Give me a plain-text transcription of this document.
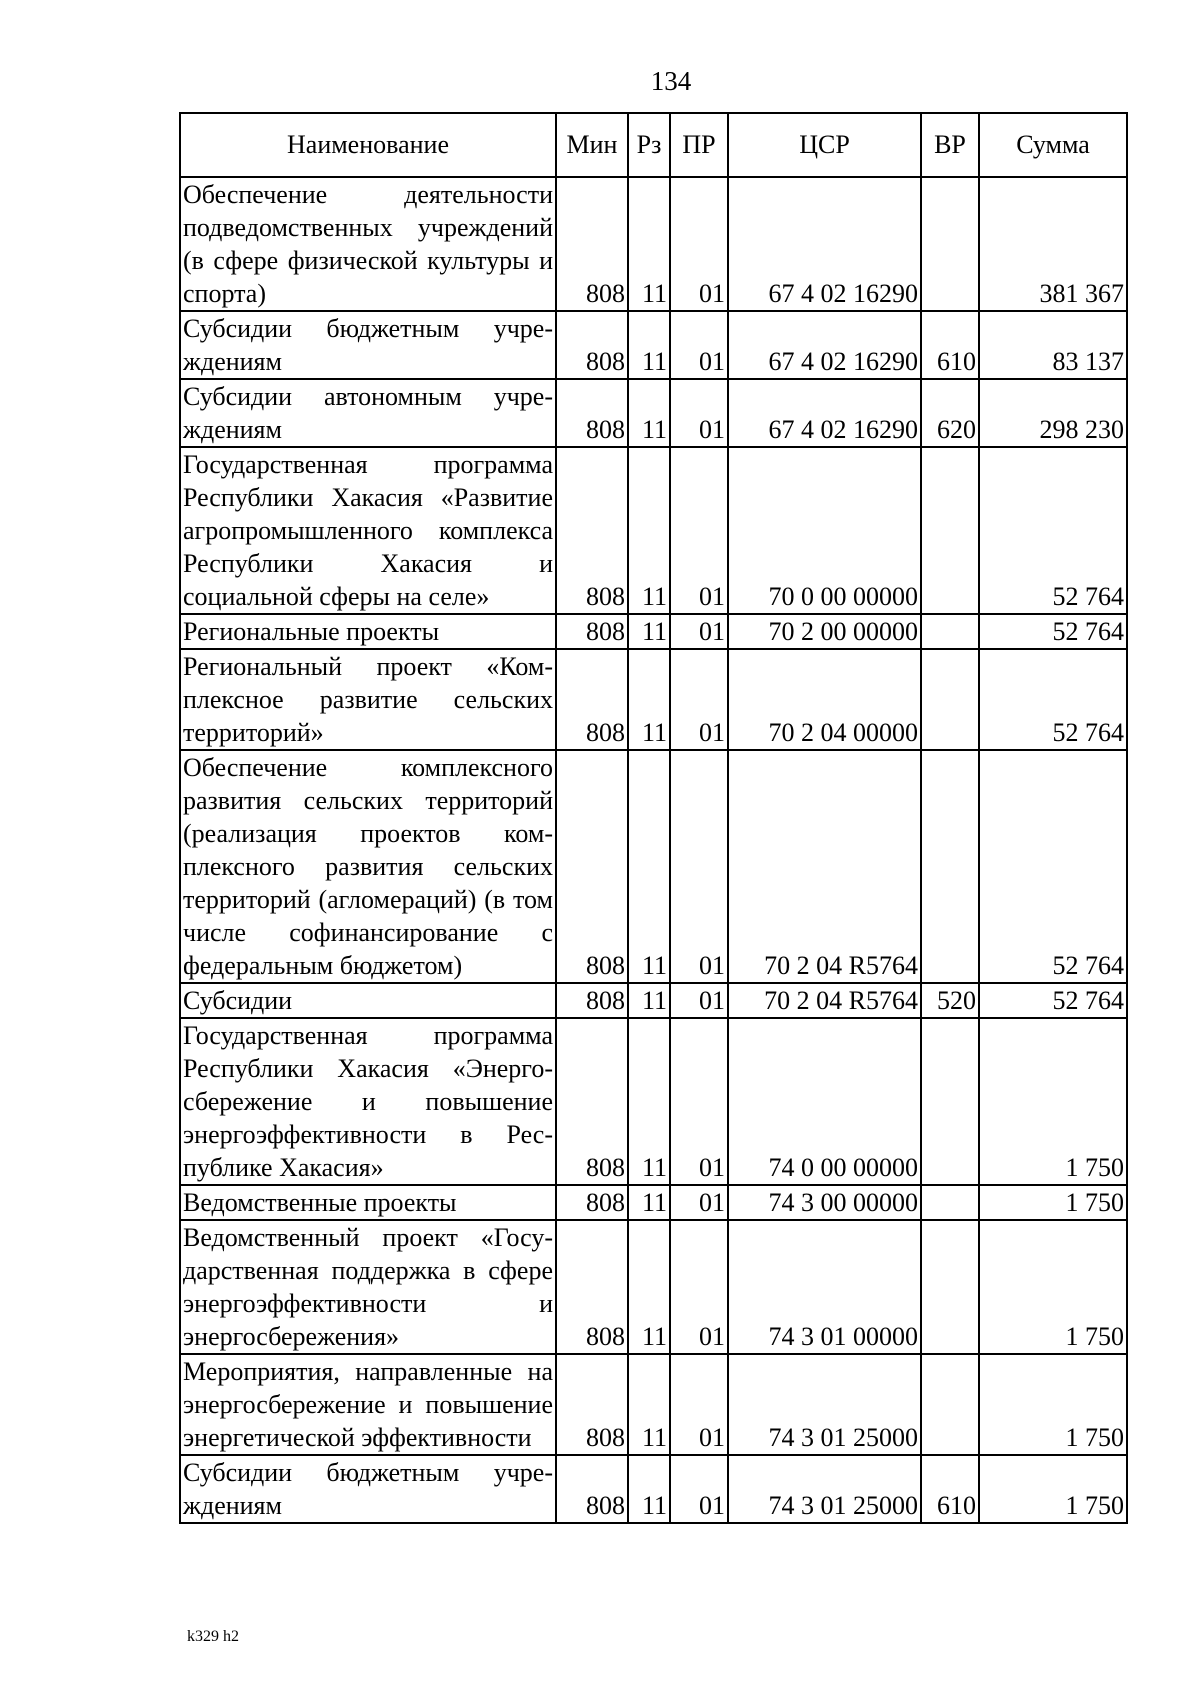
134
Наименование	Мин	Рз	ПР	ЦСР	ВР	Сумма
Обеспечение деятельности подведомственных учреждений (в сфере физической культуры и спорта)	808	11	01	67 4 02 16290		381 367
Субсидии бюджетным учреждениям	808	11	01	67 4 02 16290	610	83 137
Субсидии автономным учреждениям	808	11	01	67 4 02 16290	620	298 230
Государственная программа Республики Хакасия «Развитие агропромышленного комплекса Республики Хакасия и социальной сферы на селе»	808	11	01	70 0 00 00000		52 764
Региональные проекты	808	11	01	70 2 00 00000		52 764
Региональный проект «Комплексное развитие сельских территорий»	808	11	01	70 2 04 00000		52 764
Обеспечение комплексного развития сельских территорий (реализация проектов комплексного развития сельских территорий (агломераций) (в том числе софинансирование с федеральным бюджетом)	808	11	01	70 2 04 R5764		52 764
Субсидии	808	11	01	70 2 04 R5764	520	52 764
Государственная программа Республики Хакасия «Энергосбережение и повышение энергоэффективности в Республике Хакасия»	808	11	01	74 0 00 00000		1 750
Ведомственные проекты	808	11	01	74 3 00 00000		1 750
Ведомственный проект «Государственная поддержка в сфере энергоэффективности и энергосбережения»	808	11	01	74 3 01 00000		1 750
Мероприятия, направленные на энергосбережение и повышение энергетической эффективности	808	11	01	74 3 01 25000		1 750
Субсидии бюджетным учреждениям	808	11	01	74 3 01 25000	610	1 750
k329 h2
